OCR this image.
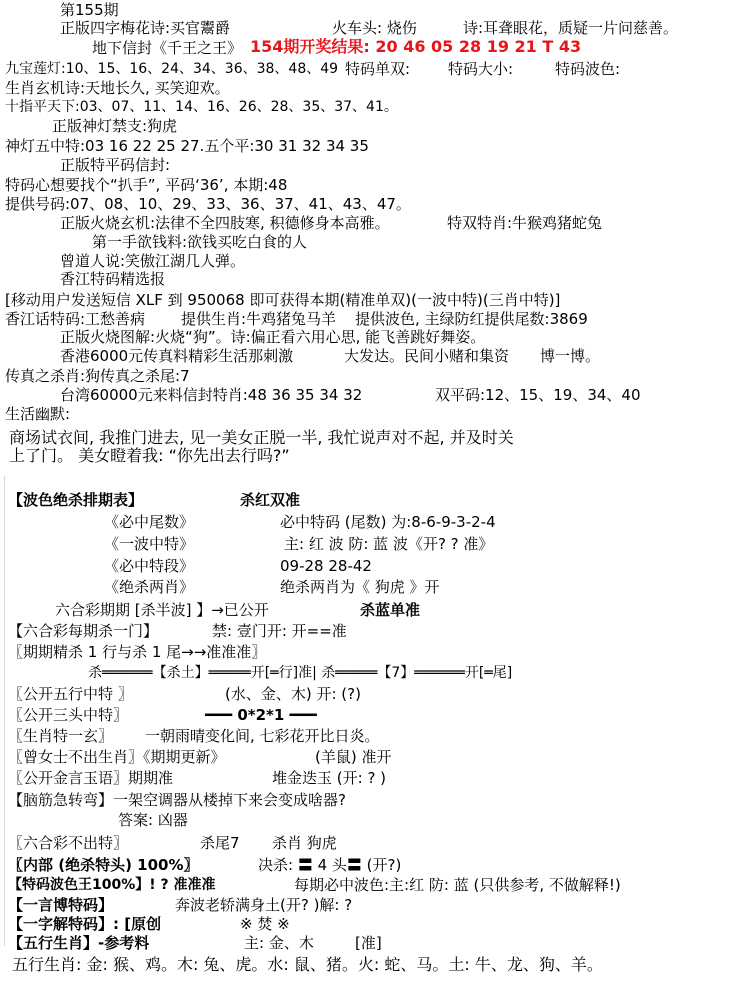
第155期
正版四字梅花诗:买官鬻爵	火车头: 烧伤	诗:耳聋眼花，质疑一片问慈善。
地下信封《千王之王》 154期开奖结果: 20 46 05 28 19 21 T 43
九宝莲灯:10、15、16、24、34、36、38、48、49 特码单双:	特码大小:	特码波色:
生肖玄机诗:天地长久, 买笑迎欢。
十指平天下:03、07、11、14、16、26、28、35、37、41。
正版神灯禁支:狗虎
神灯五中特:03 16 22 25 27.五个平:30 31 32 34 35
正版特平码信封:
特码心想要找个“扒手”, 平码‘36’, 本期:48
提供号码:07、08、10、29、33、36、37、41、43、47。
正版火烧玄机:法律不全四肢寒, 积德修身本高雅。	特双特肖:牛猴鸡猪蛇兔
第一手欲钱料:欲钱买吃白食的人
曾道人说:笑傲江湖几人弹。
香江特码精选报
[移动用户发送短信 XLF 到 950068 即可获得本期(精准单双)(一波中特)(三肖中特)]
香江话特码:工愁善病 提供生肖:牛鸡猪兔马羊 提供波色, 主绿防红提供尾数:3869
正版火烧图解:火烧“狗”。诗:偏正看六用心思, 能飞善跳好舞姿。
香港6000元传真料精彩生活那刺激	大发达。民间小赌和集资 博一博。
传真之杀肖:狗传真之杀尾:7
台湾60000元来料信封特肖:48 36 35 34 32	双平码:12、15、19、34、40
生活幽默:
商场试衣间, 我推门进去, 见一美女正脱一半, 我忙说声对不起, 并及时关
上了门。 美女瞪着我: “你先出去行吗?”
【波色绝杀排期表】	杀红双准
《必中尾数》	必中特码 (尾数) 为:8-6-9-3-2-4
《一波中特》	主: 红 波 防: 蓝 波《开? ? 准》
《必中特段》	09-28 28-42
《绝杀两肖》	绝杀两肖为《 狗虎 》开
六合彩期期 [杀半波] 】→已公开	杀蓝单准
【六合彩每期杀一门】	禁: 壹门开: 开==准
〖期期精杀 1 行与杀 1 尾→→准准准〗
杀══════【杀土】═════开[═行]准| 杀═════【7】══════开[═尾]
〖公开五行中特 〗	(水、金、木) 开: (?)
〖公开三头中特〗	━━━ 0*2*1 ━━━
〖生肖特一玄〗 一朝雨晴变化间, 七彩花开比日炎。
〖曾女士不出生肖〗《期期更新》	(羊鼠) 准开
〖公开金言玉语〗期期准	堆金迭玉 (开: ? )
【脑筋急转弯】一架空调器从楼掉下来会变成啥器?
答案: 凶器
〖六合彩不出特〗	杀尾7 杀肖 狗虎
〖内部 (绝杀特头) 100%〗	决杀: 〓 4 头〓 (开?)
【特码波色王100%】! ? 准准准	每期必中波色:主:红 防: 蓝 (只供参考, 不做解释!)
【一言博特码】	奔波老轿满身土(开? )解: ?
【一字解特码】: [原创	※ 焚 ※
【五行生肖】-参考料	主: 金、木	[准]
五行生肖: 金: 猴、鸡。木: 兔、虎。水: 鼠、猪。火: 蛇、马。土: 牛、龙、狗、羊。
